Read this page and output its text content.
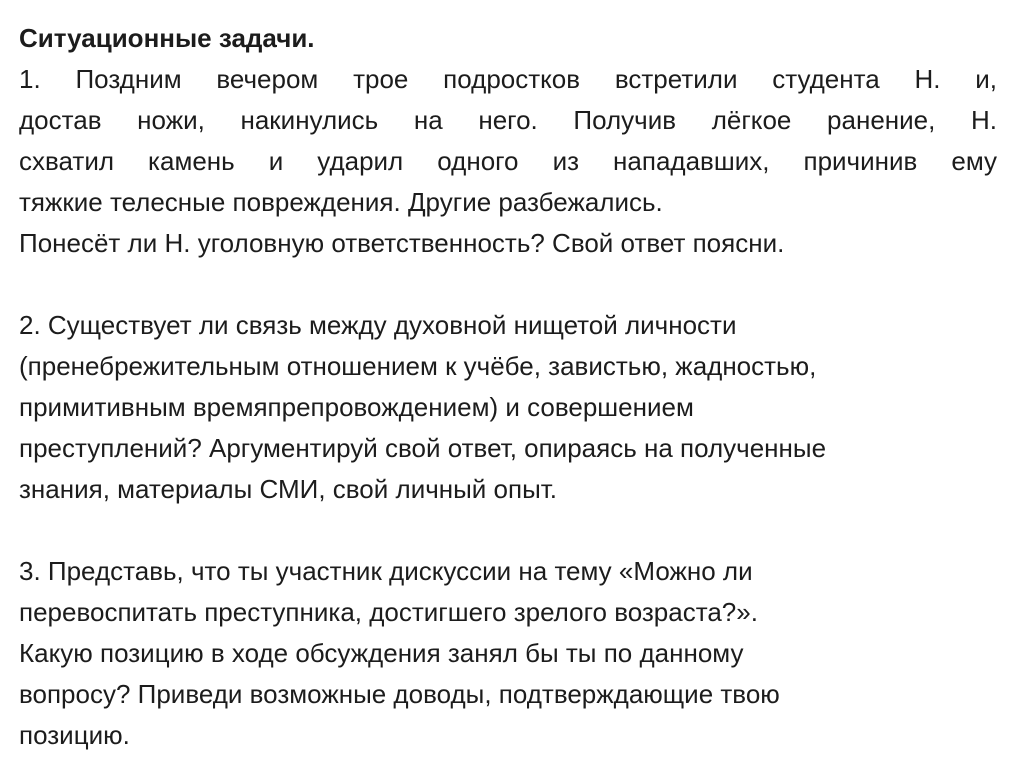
Ситуационные задачи.
1. Поздним вечером трое подростков встретили студента Н. и,
достав ножи, накинулись на него. Получив лёгкое ранение, Н.
схватил камень и ударил одного из нападавших, причинив ему
тяжкие телесные повреждения. Другие разбежались.
Понесёт ли Н. уголовную ответственность? Свой ответ поясни.
2. Существует ли связь между духовной нищетой личности
(пренебрежительным отношением к учёбе, завистью, жадностью,
примитивным времяпрепровождением) и совершением
преступлений? Аргументируй свой ответ, опираясь на полученные
знания, материалы СМИ, свой личный опыт.
3. Представь, что ты участник дискуссии на тему «Можно ли
перевоспитать преступника, достигшего зрелого возраста?».
Какую позицию в ходе обсуждения занял бы ты по данному
вопросу? Приведи возможные доводы, подтверждающие твою
позицию.
